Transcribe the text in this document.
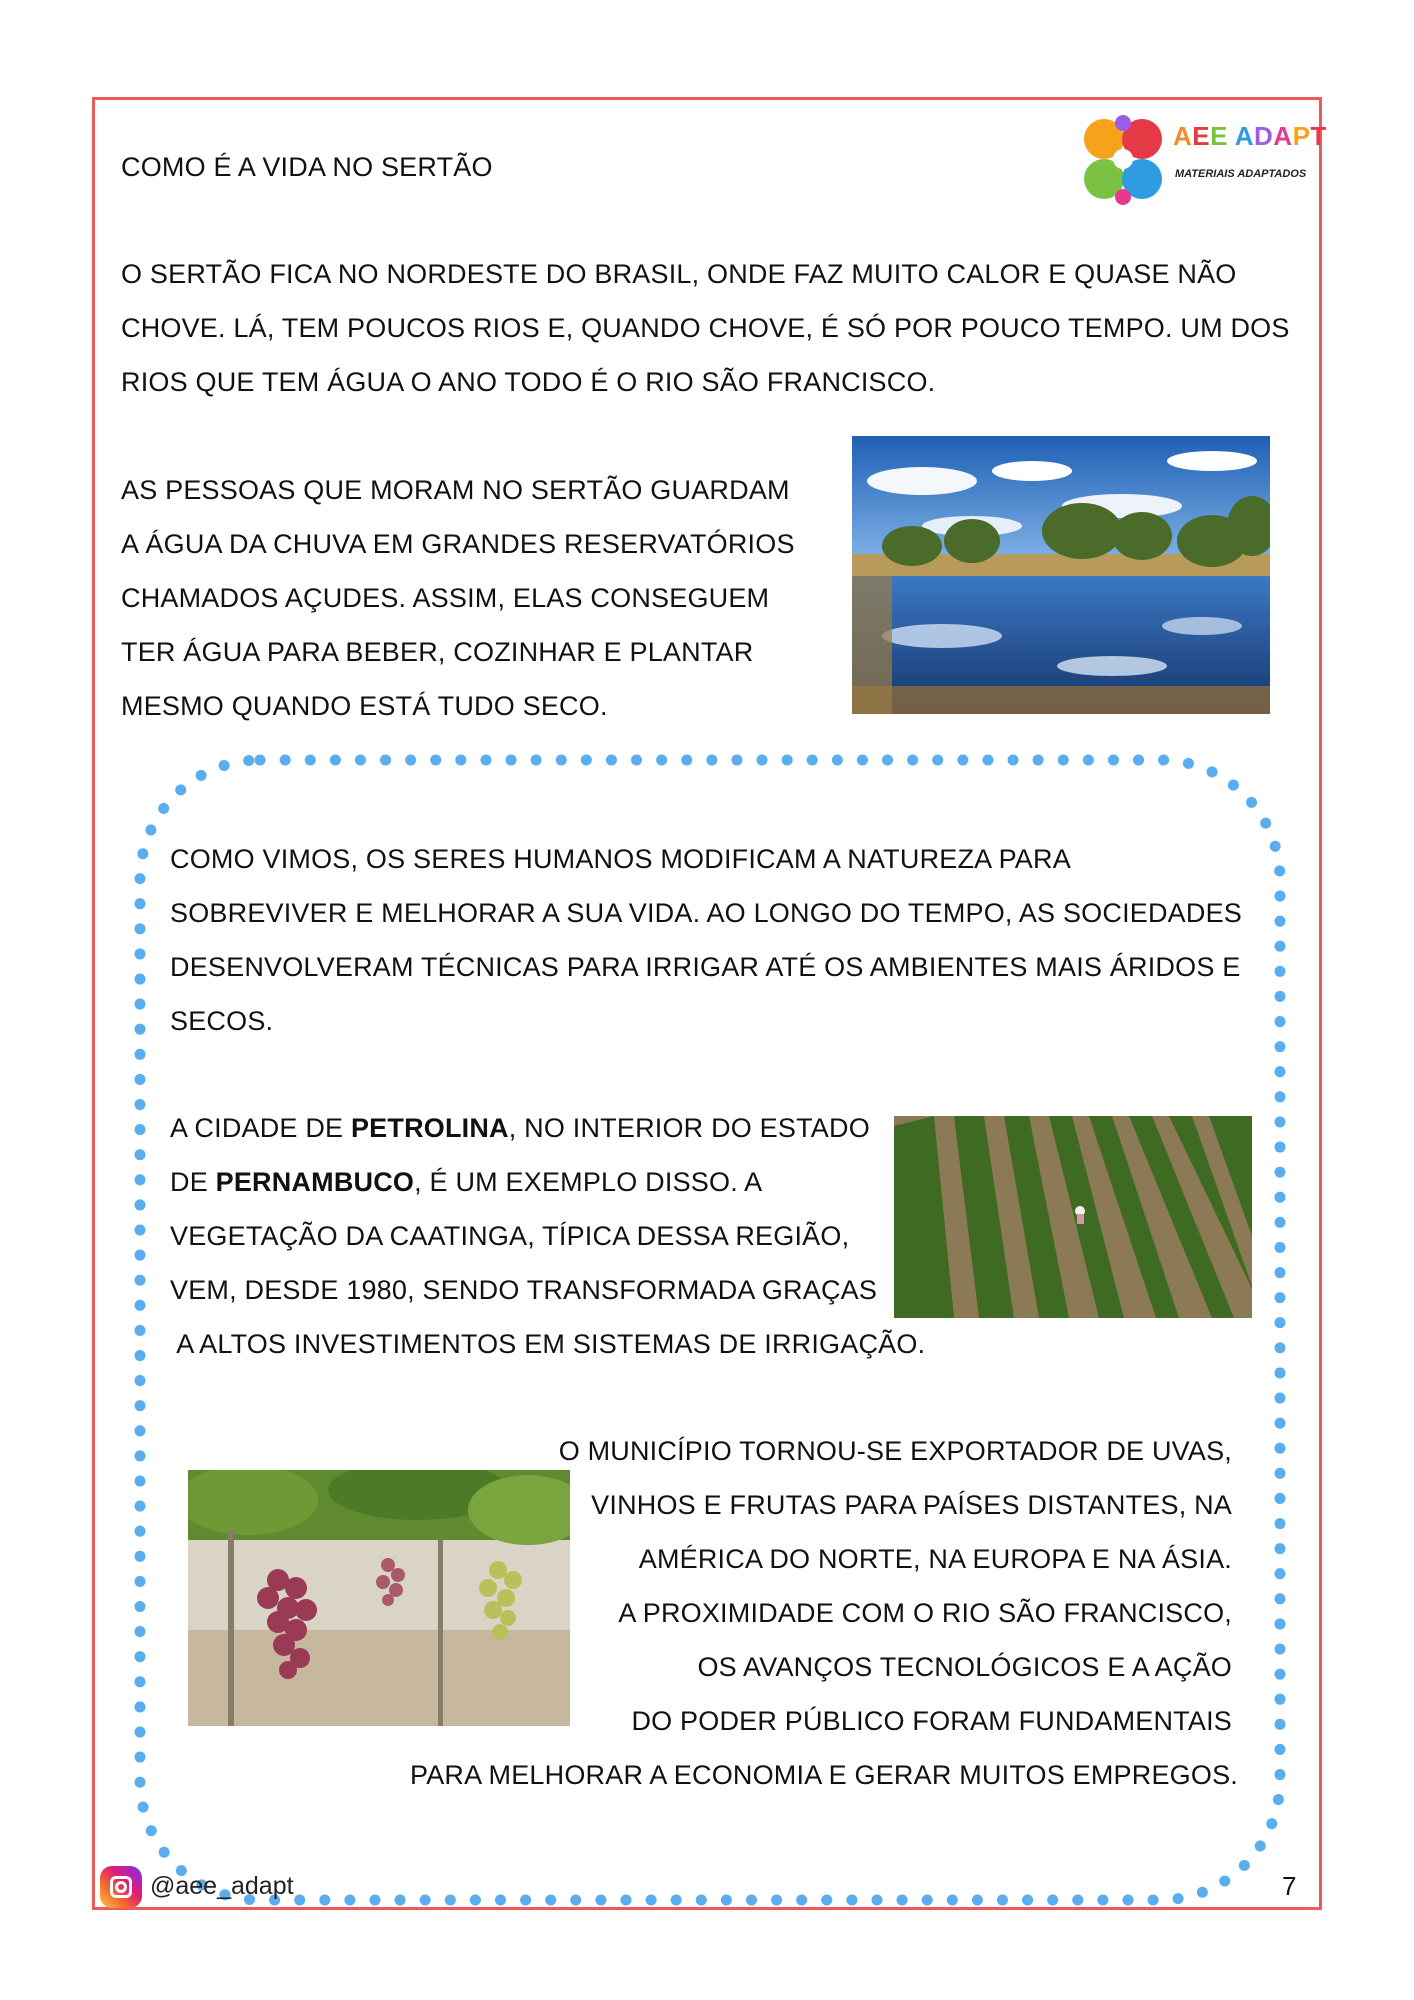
COMO É A VIDA NO SERTÃO
AEE ADAPT
MATERIAIS ADAPTADOS
O SERTÃO FICA NO NORDESTE DO BRASIL, ONDE FAZ MUITO CALOR E QUASE NÃO
CHOVE. LÁ, TEM POUCOS RIOS E, QUANDO CHOVE, É SÓ POR POUCO TEMPO. UM DOS
RIOS QUE TEM ÁGUA O ANO TODO É O RIO SÃO FRANCISCO.
AS PESSOAS QUE MORAM NO SERTÃO GUARDAM
A ÁGUA DA CHUVA EM GRANDES RESERVATÓRIOS
CHAMADOS AÇUDES. ASSIM, ELAS CONSEGUEM
TER ÁGUA PARA BEBER, COZINHAR E PLANTAR
MESMO QUANDO ESTÁ TUDO SECO.
COMO VIMOS, OS SERES HUMANOS MODIFICAM A NATUREZA PARA
SOBREVIVER E MELHORAR A SUA VIDA. AO LONGO DO TEMPO, AS SOCIEDADES
DESENVOLVERAM TÉCNICAS PARA IRRIGAR ATÉ OS AMBIENTES MAIS ÁRIDOS E
SECOS.
A CIDADE DE PETROLINA, NO INTERIOR DO ESTADO
DE PERNAMBUCO, É UM EXEMPLO DISSO. A
VEGETAÇÃO DA CAATINGA, TÍPICA DESSA REGIÃO,
VEM, DESDE 1980, SENDO TRANSFORMADA GRAÇAS
A ALTOS INVESTIMENTOS EM SISTEMAS DE IRRIGAÇÃO.
O MUNICÍPIO TORNOU-SE EXPORTADOR DE UVAS,
VINHOS E FRUTAS PARA PAÍSES DISTANTES, NA
AMÉRICA DO NORTE, NA EUROPA E NA ÁSIA.
A PROXIMIDADE COM O RIO SÃO FRANCISCO,
OS AVANÇOS TECNOLÓGICOS E A AÇÃO
DO PODER PÚBLICO FORAM FUNDAMENTAIS
PARA MELHORAR A ECONOMIA E GERAR MUITOS EMPREGOS.
@aee_adapt	7
